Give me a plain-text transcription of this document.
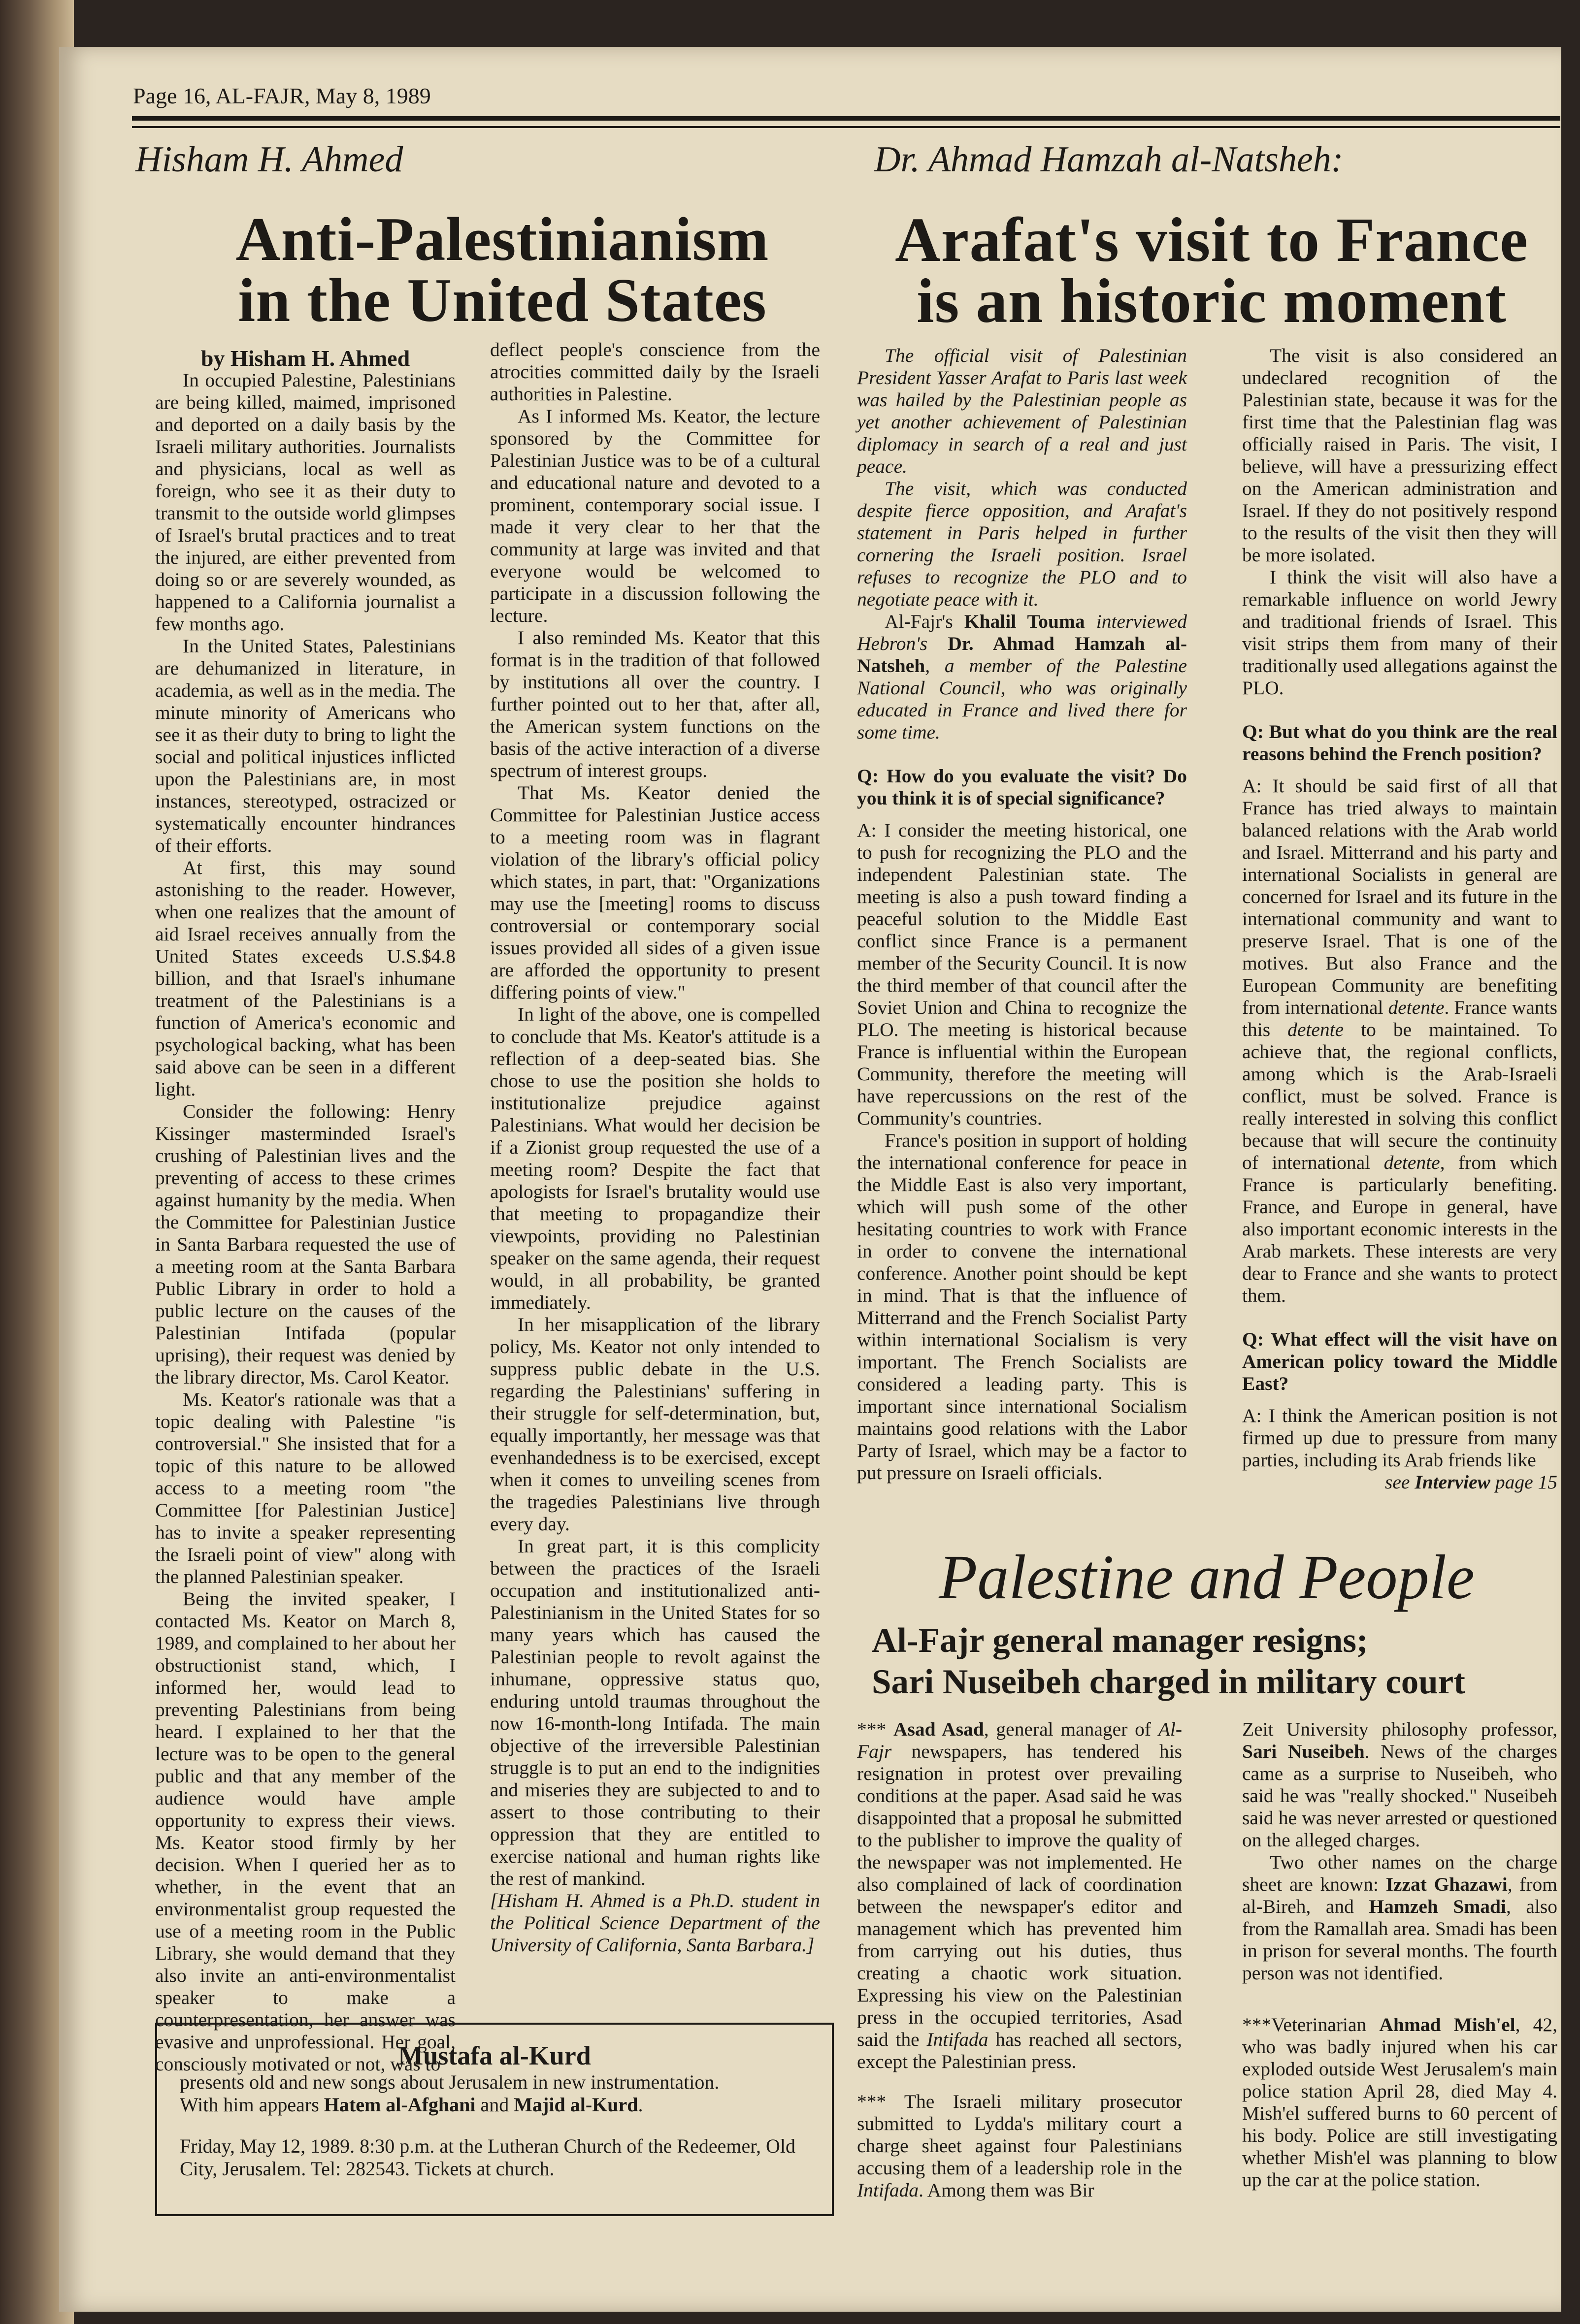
Page 16, AL-FAJR, May 8, 1989
Hisham H. Ahmed
Anti-Palestinianism
in the United States

by Hisham H. Ahmed

In occupied Palestine, Palestinians are being killed, maimed, imprisoned and deported on a daily basis by the Israeli military authorities. Journalists and physicians, local as well as foreign, who see it as their duty to transmit to the outside world glimpses of Israel's brutal practices and to treat the injured, are either prevented from doing so or are severely wounded, as happened to a California journalist a few months ago.

In the United States, Palestinians are dehumanized in literature, in academia, as well as in the media. The minute minority of Americans who see it as their duty to bring to light the social and political injustices inflicted upon the Palestinians are, in most instances, stereotyped, ostracized or systematically encounter hindrances of their efforts.

At first, this may sound astonishing to the reader. However, when one realizes that the amount of aid Israel receives annually from the United States exceeds U.S.$4.8 billion, and that Israel's inhumane treatment of the Palestinians is a function of America's economic and psychological backing, what has been said above can be seen in a different light.

Consider the following: Henry Kissinger masterminded Israel's crushing of Palestinian lives and the preventing of access to these crimes against humanity by the media. When the Committee for Palestinian Justice in Santa Barbara requested the use of a meeting room at the Santa Barbara Public Library in order to hold a public lecture on the causes of the Palestinian Intifada (popular uprising), their request was denied by the library director, Ms. Carol Keator.

Ms. Keator's rationale was that a topic dealing with Palestine "is controversial." She insisted that for a topic of this nature to be allowed access to a meeting room "the Committee [for Palestinian Justice] has to invite a speaker representing the Israeli point of view" along with the planned Palestinian speaker.

Being the invited speaker, I contacted Ms. Keator on March 8, 1989, and complained to her about her obstructionist stand, which, I informed her, would lead to preventing Palestinians from being heard. I explained to her that the lecture was to be open to the general public and that any member of the audience would have ample opportunity to express their views. Ms. Keator stood firmly by her decision. When I queried her as to whether, in the event that an environmentalist group requested the use of a meeting room in the Public Library, she would demand that they also invite an anti-environmentalist speaker to make a counterpresentation, her answer was evasive and unprofessional. Her goal, consciously motivated or not, was to

deflect people's conscience from the atrocities committed daily by the Israeli authorities in Palestine.

As I informed Ms. Keator, the lecture sponsored by the Committee for Palestinian Justice was to be of a cultural and educational nature and devoted to a prominent, contemporary social issue. I made it very clear to her that the community at large was invited and that everyone would be welcomed to participate in a discussion following the lecture.

I also reminded Ms. Keator that this format is in the tradition of that followed by institutions all over the country. I further pointed out to her that, after all, the American system functions on the basis of the active interaction of a diverse spectrum of interest groups.

That Ms. Keator denied the Committee for Palestinian Justice access to a meeting room was in flagrant violation of the library's official policy which states, in part, that: "Organizations may use the [meeting] rooms to discuss controversial or contemporary social issues provided all sides of a given issue are afforded the opportunity to present differing points of view."

In light of the above, one is compelled to conclude that Ms. Keator's attitude is a reflection of a deep-seated bias. She chose to use the position she holds to institutionalize prejudice against Palestinians. What would her decision be if a Zionist group requested the use of a meeting room? Despite the fact that apologists for Israel's brutality would use that meeting to propagandize their viewpoints, providing no Palestinian speaker on the same agenda, their request would, in all probability, be granted immediately.

In her misapplication of the library policy, Ms. Keator not only intended to suppress public debate in the U.S. regarding the Palestinians' suffering in their struggle for self-determination, but, equally importantly, her message was that evenhandedness is to be exercised, except when it comes to unveiling scenes from the tragedies Palestinians live through every day.

In great part, it is this complicity between the practices of the Israeli occupation and institutionalized anti-Palestinianism in the United States for so many years which has caused the Palestinian people to revolt against the inhumane, oppressive status quo, enduring untold traumas throughout the now 16-month-long Intifada. The main objective of the irreversible Palestinian struggle is to put an end to the indignities and miseries they are subjected to and to assert to those contributing to their oppression that they are entitled to exercise national and human rights like the rest of mankind.

[Hisham H. Ahmed is a Ph.D. student in the Political Science Department of the University of California, Santa Barbara.]

Mustafa al-Kurd

presents old and new songs about Jerusalem in new instrumentation.

With him appears Hatem al-Afghani and Majid al-Kurd.

Friday, May 12, 1989. 8:30 p.m. at the Lutheran Church of the Redeemer, Old City, Jerusalem. Tel: 282543. Tickets at church.

Dr. Ahmad Hamzah al-Natsheh:
Arafat's visit to France
is an historic moment

The official visit of Palestinian President Yasser Arafat to Paris last week was hailed by the Palestinian people as yet another achievement of Palestinian diplomacy in search of a real and just peace.

The visit, which was conducted despite fierce opposition, and Arafat's statement in Paris helped in further cornering the Israeli position. Israel refuses to recognize the PLO and to negotiate peace with it.

Al-Fajr's Khalil Touma interviewed Hebron's Dr. Ahmad Hamzah al-Natsheh, a member of the Palestine National Council, who was originally educated in France and lived there for some time.

Q: How do you evaluate the visit? Do you think it is of special significance?

A: I consider the meeting historical, one to push for recognizing the PLO and the independent Palestinian state. The meeting is also a push toward finding a peaceful solution to the Middle East conflict since France is a permanent member of the Security Council. It is now the third member of that council after the Soviet Union and China to recognize the PLO. The meeting is historical because France is influential within the European Community, therefore the meeting will have repercussions on the rest of the Community's countries.

France's position in support of holding the international conference for peace in the Middle East is also very important, which will push some of the other hesitating countries to work with France in order to convene the international conference. Another point should be kept in mind. That is that the influence of Mitterrand and the French Socialist Party within international Socialism is very important. The French Socialists are considered a leading party. This is important since international Socialism maintains good relations with the Labor Party of Israel, which may be a factor to put pressure on Israeli officials.

The visit is also considered an undeclared recognition of the Palestinian state, because it was for the first time that the Palestinian flag was officially raised in Paris. The visit, I believe, will have a pressurizing effect on the American administration and Israel. If they do not positively respond to the results of the visit then they will be more isolated.

I think the visit will also have a remarkable influence on world Jewry and traditional friends of Israel. This visit strips them from many of their traditionally used allegations against the PLO.

Q: But what do you think are the real reasons behind the French position?

A: It should be said first of all that France has tried always to maintain balanced relations with the Arab world and Israel. Mitterrand and his party and international Socialists in general are concerned for Israel and its future in the international community and want to preserve Israel. That is one of the motives. But also France and the European Community are benefiting from international detente. France wants this detente to be maintained. To achieve that, the regional conflicts, among which is the Arab-Israeli conflict, must be solved. France is really interested in solving this conflict because that will secure the continuity of international detente, from which France is particularly benefiting. France, and Europe in general, have also important economic interests in the Arab markets. These interests are very dear to France and she wants to protect them.

Q: What effect will the visit have on American policy toward the Middle East?

A: I think the American position is not firmed up due to pressure from many parties, including its Arab friends like

see Interview page 15

Palestine and People
Al-Fajr general manager resigns;
Sari Nuseibeh charged in military court

*** Asad Asad, general manager of Al-Fajr newspapers, has tendered his resignation in protest over prevailing conditions at the paper. Asad said he was disappointed that a proposal he submitted to the publisher to improve the quality of the newspaper was not implemented. He also complained of lack of coordination between the newspaper's editor and management which has prevented him from carrying out his duties, thus creating a chaotic work situation. Expressing his view on the Palestinian press in the occupied territories, Asad said the Intifada has reached all sectors, except the Palestinian press.

*** The Israeli military prosecutor submitted to Lydda's military court a charge sheet against four Palestinians accusing them of a leadership role in the Intifada. Among them was Bir

Zeit University philosophy professor, Sari Nuseibeh. News of the charges came as a surprise to Nuseibeh, who said he was "really shocked." Nuseibeh said he was never arrested or questioned on the alleged charges.

Two other names on the charge sheet are known: Izzat Ghazawi, from al-Bireh, and Hamzeh Smadi, also from the Ramallah area. Smadi has been in prison for several months. The fourth person was not identified.

***Veterinarian Ahmad Mish'el, 42, who was badly injured when his car exploded outside West Jerusalem's main police station April 28, died May 4. Mish'el suffered burns to 60 percent of his body. Police are still investigating whether Mish'el was planning to blow up the car at the police station.
